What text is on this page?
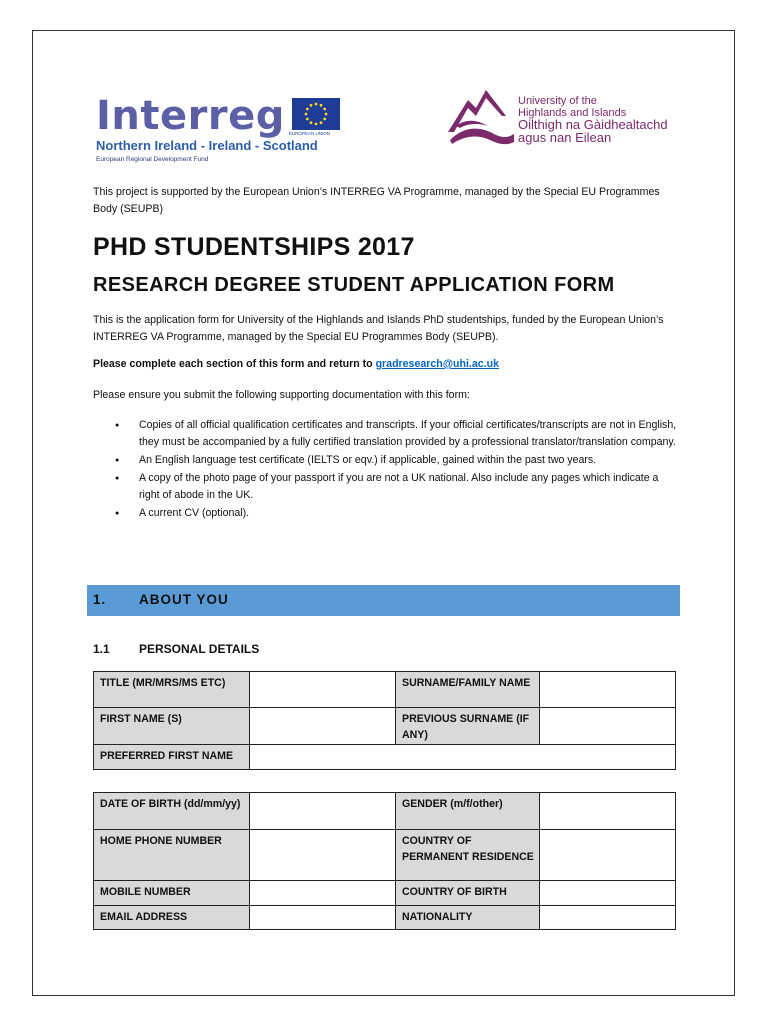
Interreg EUROPEAN UNION
Northern Ireland - Ireland - Scotland
European Regional Development Fund
University of the
Highlands and Islands
Oilthigh na Gàidhealtachd
agus nan Eilean

This project is supported by the European Union’s INTERREG VA Programme, managed by the Special EU Programmes Body (SEUPB)

PHD STUDENTSHIPS 2017
RESEARCH DEGREE STUDENT APPLICATION FORM

This is the application form for University of the Highlands and Islands PhD studentships, funded by the European Union’s INTERREG VA Programme, managed by the Special EU Programmes Body (SEUPB).

Please complete each section of this form and return to gradresearch@uhi.ac.uk

Please ensure you submit the following supporting documentation with this form:

● Copies of all official qualification certificates and transcripts. If your official certificates/transcripts are not in English, they must be accompanied by a fully certified translation provided by a professional translator/translation company.
● An English language test certificate (IELTS or eqv.) if applicable, gained within the past two years.
● A copy of the photo page of your passport if you are not a UK national. Also include any pages which indicate a right of abode in the UK.
● A current CV (optional).
1. ABOUT YOU
1.1 PERSONAL DETAILS
TITLE (MR/MRS/MS ETC)		SURNAME/FAMILY NAME	
FIRST NAME (S)		PREVIOUS SURNAME (IF ANY)	
PREFERRED FIRST NAME			
DATE OF BIRTH (dd/mm/yy)		GENDER (m/f/other)	
HOME PHONE NUMBER		COUNTRY OF PERMANENT RESIDENCE	
MOBILE NUMBER		COUNTRY OF BIRTH	
EMAIL ADDRESS		NATIONALITY	
